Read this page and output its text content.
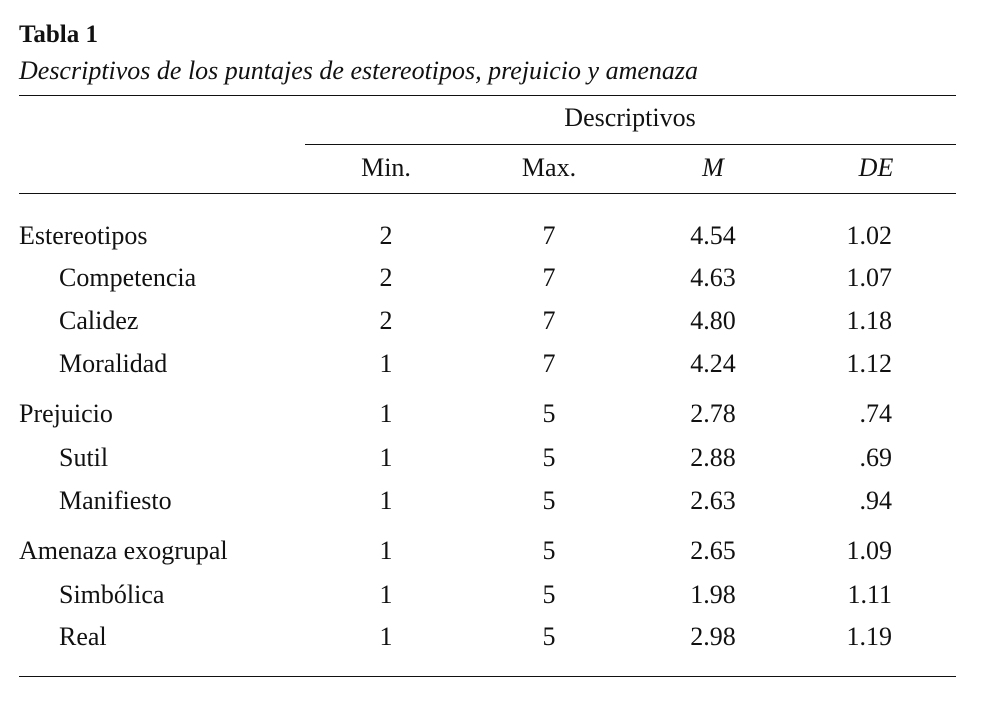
Tabla 1
Descriptivos de los puntajes de estereotipos, prejuicio y amenaza
Descriptivos
Min.	Max.	M	DE
Estereotipos	2	7	4.54	1.02
Competencia	2	7	4.63	1.07
Calidez	2	7	4.80	1.18
Moralidad	1	7	4.24	1.12
Prejuicio	1	5	2.78	.74
Sutil	1	5	2.88	.69
Manifiesto	1	5	2.63	.94
Amenaza exogrupal	1	5	2.65	1.09
Simbólica	1	5	1.98	1.11
Real	1	5	2.98	1.19
